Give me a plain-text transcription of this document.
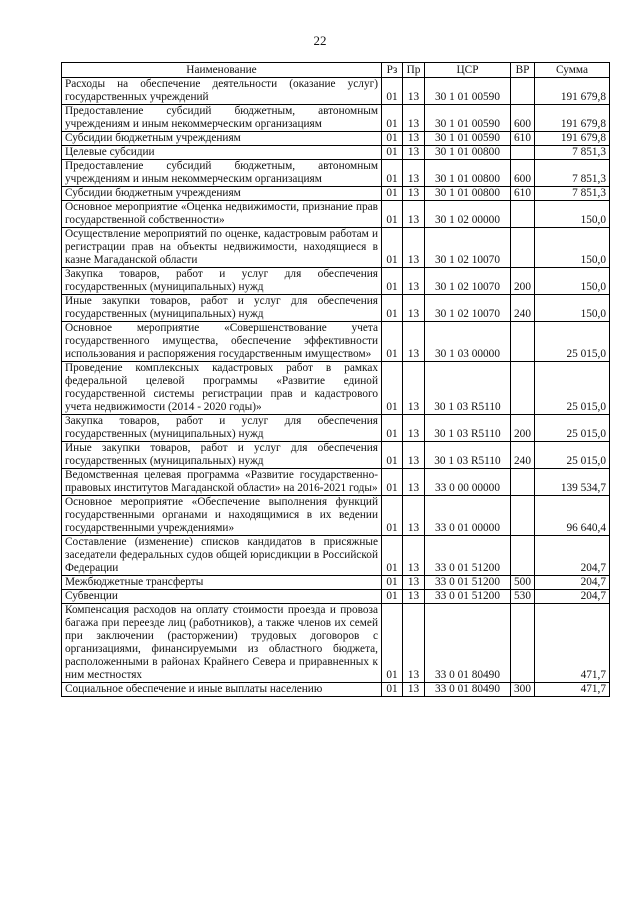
22
Наименование	Рз	Пр	ЦСР	ВР	Сумма
Расходы на обеспечение деятельности (оказание услуг) государственных учреждений	01	13	30 1 01 00590		191 679,8
Предоставление субсидий бюджетным, автономным учреждениям и иным некоммерческим организациям	01	13	30 1 01 00590	600	191 679,8
Субсидии бюджетным учреждениям	01	13	30 1 01 00590	610	191 679,8
Целевые субсидии	01	13	30 1 01 00800		7 851,3
Предоставление субсидий бюджетным, автономным учреждениям и иным некоммерческим организациям	01	13	30 1 01 00800	600	7 851,3
Субсидии бюджетным учреждениям	01	13	30 1 01 00800	610	7 851,3
Основное мероприятие «Оценка недвижимости, признание прав государственной собственности»	01	13	30 1 02 00000		150,0
Осуществление мероприятий по оценке, кадастровым работам и регистрации прав на объекты недвижимости, находящиеся в казне Магаданской области	01	13	30 1 02 10070		150,0
Закупка товаров, работ и услуг для обеспечения государственных (муниципальных) нужд	01	13	30 1 02 10070	200	150,0
Иные закупки товаров, работ и услуг для обеспечения государственных (муниципальных) нужд	01	13	30 1 02 10070	240	150,0
Основное мероприятие «Совершенствование учета государственного имущества, обеспечение эффективности использования и распоряжения государственным имуществом»	01	13	30 1 03 00000		25 015,0
Проведение комплексных кадастровых работ в рамках федеральной целевой программы «Развитие единой государственной системы регистрации прав и кадастрового учета недвижимости (2014 - 2020 годы)»	01	13	30 1 03 R5110		25 015,0
Закупка товаров, работ и услуг для обеспечения государственных (муниципальных) нужд	01	13	30 1 03 R5110	200	25 015,0
Иные закупки товаров, работ и услуг для обеспечения государственных (муниципальных) нужд	01	13	30 1 03 R5110	240	25 015,0
Ведомственная целевая программа «Развитие государственно-правовых институтов Магаданской области» на 2016-2021 годы»	01	13	33 0 00 00000		139 534,7
Основное мероприятие «Обеспечение выполнения функций государственными органами и находящимися в их ведении государственными учреждениями»	01	13	33 0 01 00000		96 640,4
Составление (изменение) списков кандидатов в присяжные заседатели федеральных судов общей юрисдикции в Российской Федерации	01	13	33 0 01 51200		204,7
Межбюджетные трансферты	01	13	33 0 01 51200	500	204,7
Субвенции	01	13	33 0 01 51200	530	204,7
Компенсация расходов на оплату стоимости проезда и провоза багажа при переезде лиц (работников), а также членов их семей при заключении (расторжении) трудовых договоров с организациями, финансируемыми из областного бюджета, расположенными в районах Крайнего Севера и приравненных к ним местностях	01	13	33 0 01 80490		471,7
Социальное обеспечение и иные выплаты населению	01	13	33 0 01 80490	300	471,7
